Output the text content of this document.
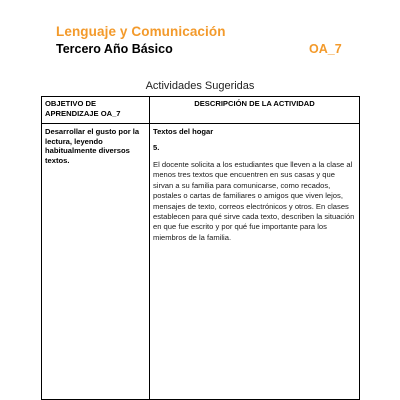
Lenguaje y Comunicación
Tercero Año Básico	OA_7
Actividades Sugeridas
OBJETIVO DE APRENDIZAJE OA_7	DESCRIPCIÓN DE LA ACTIVIDAD
Desarrollar el gusto por la lectura, leyendo habitualmente diversos textos.	Textos del hogar
5.
El docente solicita a los estudiantes que lleven a la clase al menos tres textos que encuentren en sus casas y que sirvan a su familia para comunicarse, como recados, postales o cartas de familiares o amigos que viven lejos, mensajes de texto, correos electrónicos y otros. En clases establecen para qué sirve cada texto, describen la situación en que fue escrito y por qué fue importante para los miembros de la familia.
